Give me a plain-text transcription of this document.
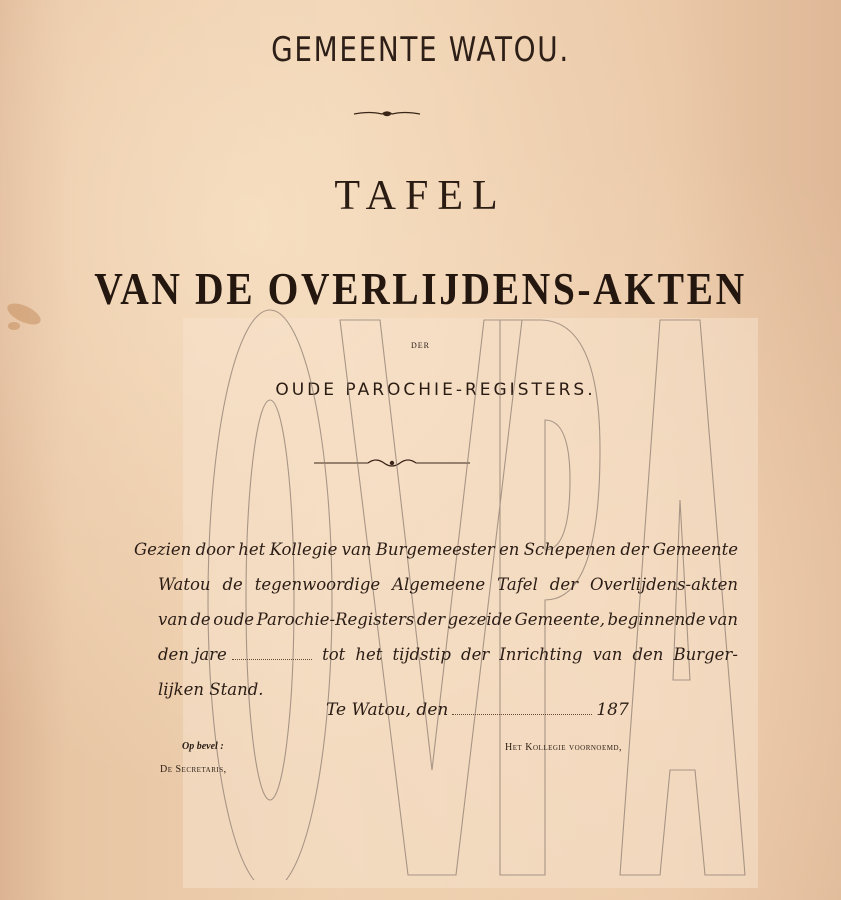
GEMEENTE WATOU.
TAFEL
VAN DE OVERLIJDENS-AKTEN
DER
OUDE PAROCHIE-REGISTERS.
Gezien door het Kollegie van Burgemeester en Schepenen der Gemeente
Watou de tegenwoordige Algemeene Tafel der Overlijdens-akten
van de oude Parochie-Registers der gezeide Gemeente, beginnende van
den jare	tot het tijdstip der Inrichting van den Burger-
lijken Stand.
Te Watou, den	187
Op bevel :
De Secretaris,
Het Kollegie voornoemd,
